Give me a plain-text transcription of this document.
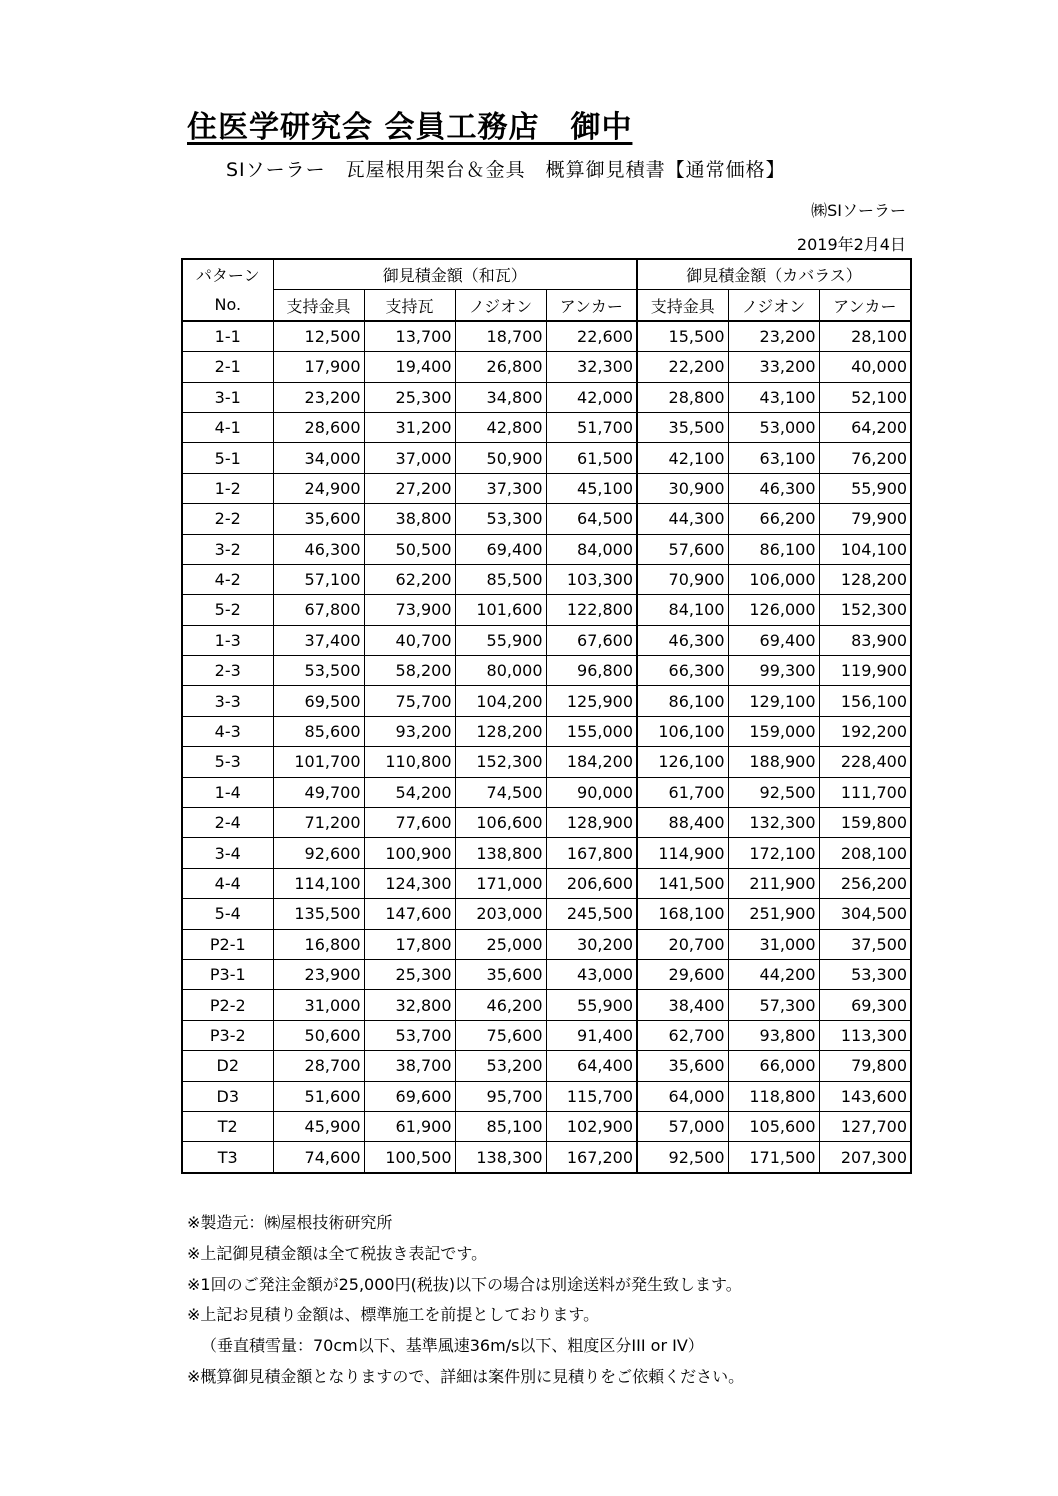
住医学研究会 会員工務店　御中
SIソーラー　瓦屋根用架台＆金具　概算御見積書【通常価格】
㈱SIソーラー
2019年2月4日
パターン	御見積金額（和瓦）				御見積金額（カバラス）		
No.	支持金具	支持瓦	ノジオン	アンカー	支持金具	ノジオン	アンカー
1-1	12,500	13,700	18,700	22,600	15,500	23,200	28,100
2-1	17,900	19,400	26,800	32,300	22,200	33,200	40,000
3-1	23,200	25,300	34,800	42,000	28,800	43,100	52,100
4-1	28,600	31,200	42,800	51,700	35,500	53,000	64,200
5-1	34,000	37,000	50,900	61,500	42,100	63,100	76,200
1-2	24,900	27,200	37,300	45,100	30,900	46,300	55,900
2-2	35,600	38,800	53,300	64,500	44,300	66,200	79,900
3-2	46,300	50,500	69,400	84,000	57,600	86,100	104,100
4-2	57,100	62,200	85,500	103,300	70,900	106,000	128,200
5-2	67,800	73,900	101,600	122,800	84,100	126,000	152,300
1-3	37,400	40,700	55,900	67,600	46,300	69,400	83,900
2-3	53,500	58,200	80,000	96,800	66,300	99,300	119,900
3-3	69,500	75,700	104,200	125,900	86,100	129,100	156,100
4-3	85,600	93,200	128,200	155,000	106,100	159,000	192,200
5-3	101,700	110,800	152,300	184,200	126,100	188,900	228,400
1-4	49,700	54,200	74,500	90,000	61,700	92,500	111,700
2-4	71,200	77,600	106,600	128,900	88,400	132,300	159,800
3-4	92,600	100,900	138,800	167,800	114,900	172,100	208,100
4-4	114,100	124,300	171,000	206,600	141,500	211,900	256,200
5-4	135,500	147,600	203,000	245,500	168,100	251,900	304,500
P2-1	16,800	17,800	25,000	30,200	20,700	31,000	37,500
P3-1	23,900	25,300	35,600	43,000	29,600	44,200	53,300
P2-2	31,000	32,800	46,200	55,900	38,400	57,300	69,300
P3-2	50,600	53,700	75,600	91,400	62,700	93,800	113,300
D2	28,700	38,700	53,200	64,400	35,600	66,000	79,800
D3	51,600	69,600	95,700	115,700	64,000	118,800	143,600
T2	45,900	61,900	85,100	102,900	57,000	105,600	127,700
T3	74,600	100,500	138,300	167,200	92,500	171,500	207,300
※製造元：㈱屋根技術研究所
※上記御見積金額は全て税抜き表記です。
※1回のご発注金額が25,000円(税抜)以下の場合は別途送料が発生致します。
※上記お見積り金額は、標準施工を前提としております。
（垂直積雪量：70cm以下、基準風速36m/s以下、粗度区分III or IV）
※概算御見積金額となりますので、詳細は案件別に見積りをご依頼ください。
